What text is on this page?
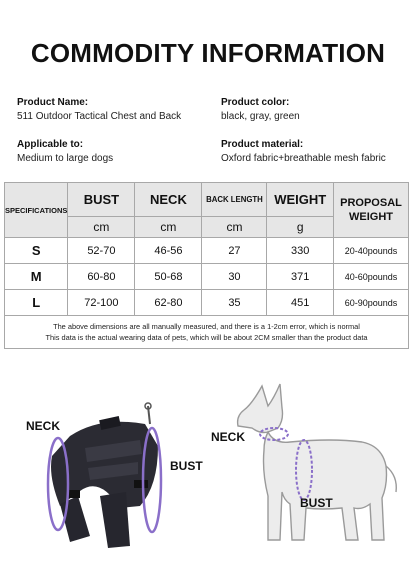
COMMODITY INFORMATION
Product Name:
511 Outdoor Tactical Chest and Back
Product color:
black, gray, green
Applicable to:
Medium to large dogs
Product material:
Oxford fabric+breathable mesh fabric
SPECIFICATIONS	BUST	NECK	BACK LENGTH	WEIGHT	PROPOSAL WEIGHT
	cm	cm	cm	g	
S	52-70	46-56	27	330	20-40pounds
M	60-80	50-68	30	371	40-60pounds
L	72-100	62-80	35	451	60-90pounds

The above dimensions are all manually measured, and there is a 1-2cm error, which is normal
This data is the actual wearing data of pets, which will be about 2CM smaller than the product data					
NECK
BUST
NECK
BUST
